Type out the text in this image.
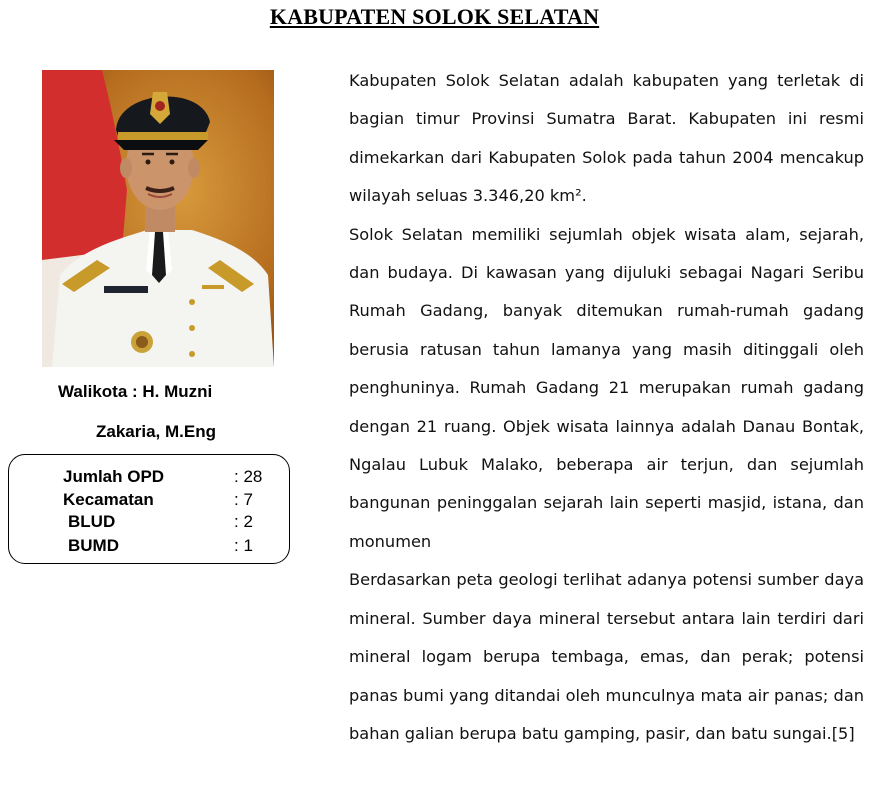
KABUPATEN SOLOK SELATAN
Walikota : H. Muzni
Zakaria, M.Eng
Jumlah OPD	: 28
Kecamatan	: 7
BLUD	: 2
BUMD	: 1

Kabupaten Solok Selatan adalah kabupaten yang terletak di bagian timur Provinsi Sumatra Barat. Kabupaten ini resmi dimekarkan dari Kabupaten Solok pada tahun 2004 mencakup wilayah seluas 3.346,20 km².

Solok Selatan memiliki sejumlah objek wisata alam, sejarah, dan budaya. Di kawasan yang dijuluki sebagai Nagari Seribu Rumah Gadang, banyak ditemukan rumah-rumah gadang berusia ratusan tahun lamanya yang masih ditinggali oleh penghuninya. Rumah Gadang 21 merupakan rumah gadang dengan 21 ruang. Objek wisata lainnya adalah Danau Bontak, Ngalau Lubuk Malako, beberapa air terjun, dan sejumlah bangunan peninggalan sejarah lain seperti masjid, istana, dan monumen

Berdasarkan peta geologi terlihat adanya potensi sumber daya mineral. Sumber daya mineral tersebut antara lain terdiri dari mineral logam berupa tembaga, emas, dan perak; potensi panas bumi yang ditandai oleh munculnya mata air panas; dan bahan galian berupa batu gamping, pasir, dan batu sungai.[5]
